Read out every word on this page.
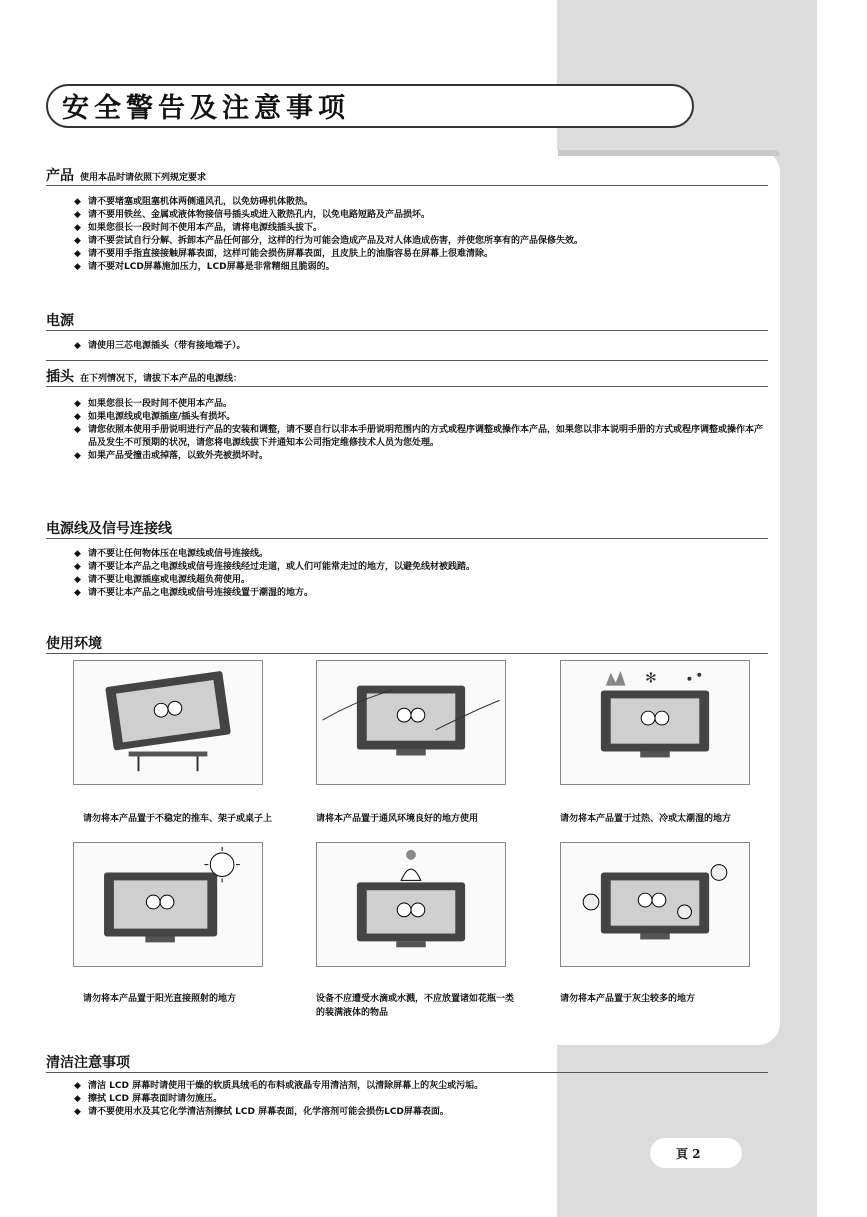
安全警告及注意事项
产品 使用本品时请依照下列规定要求
◆ 请不要堵塞或阻塞机体两侧通风孔，以免妨碍机体散热。
◆ 请不要用铁丝、金属或液体物接信号插头或进入散热孔内，以免电路短路及产品损坏。
◆ 如果您很长一段时间不使用本产品，请将电源线插头拔下。
◆ 请不要尝试自行分解、拆卸本产品任何部分，这样的行为可能会造成产品及对人体造成伤害，并使您所享有的产品保修失效。
◆ 请不要用手指直接接触屏幕表面，这样可能会损伤屏幕表面，且皮肤上的油脂容易在屏幕上很难清除。
◆ 请不要对LCD屏幕施加压力，LCD屏幕是非常精细且脆弱的。
电源
◆ 请使用三芯电源插头（带有接地端子）。
插头 在下列情况下，请拔下本产品的电源线：
◆ 如果您很长一段时间不使用本产品。
◆ 如果电源线或电源插座/插头有损坏。
◆ 请您依照本使用手册说明进行产品的安装和调整，请不要自行以非本手册说明范围内的方式或程序调整或操作本产品，如果您以非本说明手册的方式或程序调整或操作本产品及发生不可预期的状况，请您将电源线拔下并通知本公司指定维修技术人员为您处理。
◆ 如果产品受撞击或掉落，以致外壳被损坏时。
电源线及信号连接线
◆ 请不要让任何物体压在电源线或信号连接线。
◆ 请不要让本产品之电源线或信号连接线经过走道，或人们可能常走过的地方，以避免线材被践踏。
◆ 请不要让电源插座或电源线超负荷使用。
◆ 请不要让本产品之电源线或信号连接线置于潮湿的地方。
使用环境
✻
请勿将本产品置于不稳定的推车、架子或桌子上	请将本产品置于通风环境良好的地方使用	请勿将本产品置于过热、冷或太潮湿的地方
请勿将本产品置于阳光直接照射的地方	设备不应遭受水滴或水溅，不应放置诸如花瓶一类的装满液体的物品
请勿将本产品置于灰尘较多的地方
清洁注意事项
◆ 清洁 LCD 屏幕时请使用干燥的软质具绒毛的布料或液晶专用清洁剂，以清除屏幕上的灰尘或污垢。
◆ 擦拭 LCD 屏幕表面时请勿施压。
◆ 请不要使用水及其它化学清洁剂擦拭 LCD 屏幕表面，化学溶剂可能会损伤LCD屏幕表面。
頁 2
